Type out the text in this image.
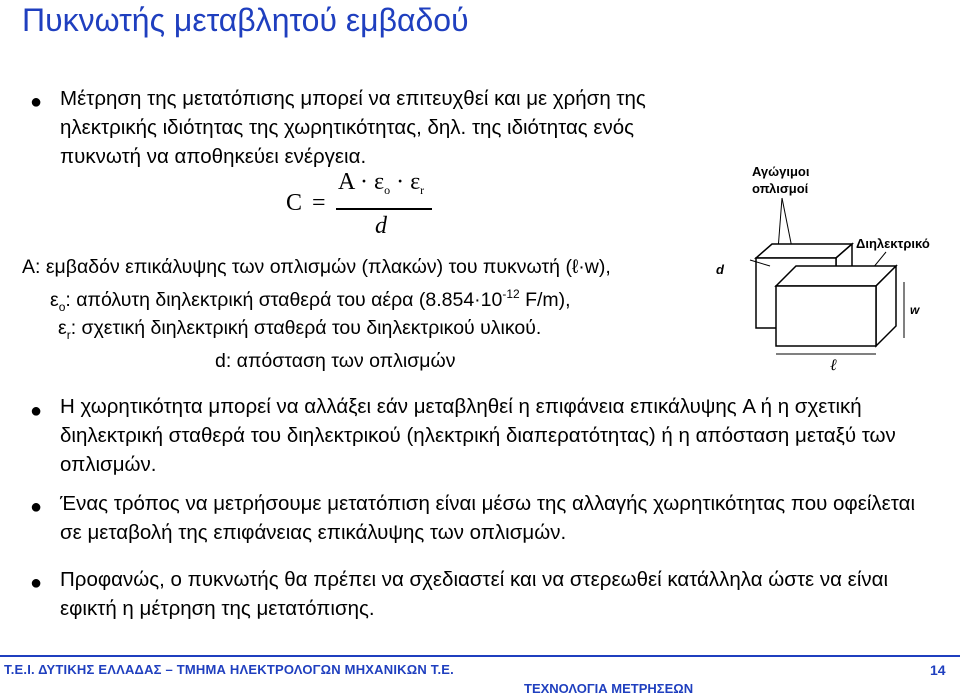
Πυκνωτής μεταβλητού εμβαδού
● Μέτρηση της μετατόπισης μπορεί να επιτευχθεί και με χρήση της ηλεκτρικής ιδιότητας της χωρητικότητας, δηλ. της ιδιότητας ενός πυκνωτή να αποθηκεύει ενέργεια.
C =
$A \cdot \varepsilon_o \cdot \varepsilon_r$
d
A: εμβαδόν επικάλυψης των οπλισμών (πλακών) του πυκνωτή (ℓ·w),
$\varepsilon_o$: απόλυτη διηλεκτρική σταθερά του αέρα ($8.854\cdot 10^{-12}$ F/m),
$\varepsilon_r$: σχετική διηλεκτρική σταθερά του διηλεκτρικού υλικού.
d: απόσταση των οπλισμών
Αγώγιμοι
οπλισμοί
Διηλεκτρικό
d
w
ℓ
● Η χωρητικότητα μπορεί να αλλάξει εάν μεταβληθεί η επιφάνεια επικάλυψης A ή η σχετική διηλεκτρική σταθερά του διηλεκτρικού (ηλεκτρική διαπερατότητας) ή η απόσταση μεταξύ των οπλισμών.
● Ένας τρόπος να μετρήσουμε μετατόπιση είναι μέσω της αλλαγής χωρητικότητας που οφείλεται σε μεταβολή της επιφάνειας επικάλυψης των οπλισμών.
● Προφανώς, ο πυκνωτής θα πρέπει να σχεδιαστεί και να στερεωθεί κατάλληλα ώστε να είναι εφικτή η μέτρηση της μετατόπισης.
Τ.Ε.Ι. ΔΥΤΙΚΗΣ ΕΛΛΑΔΑΣ – ΤΜΗΜΑ ΗΛΕΚΤΡΟΛΟΓΩΝ ΜΗΧΑΝΙΚΩΝ Τ.Ε.	14
ΤΕΧΝΟΛΟΓΙΑ ΜΕΤΡΗΣΕΩΝ
